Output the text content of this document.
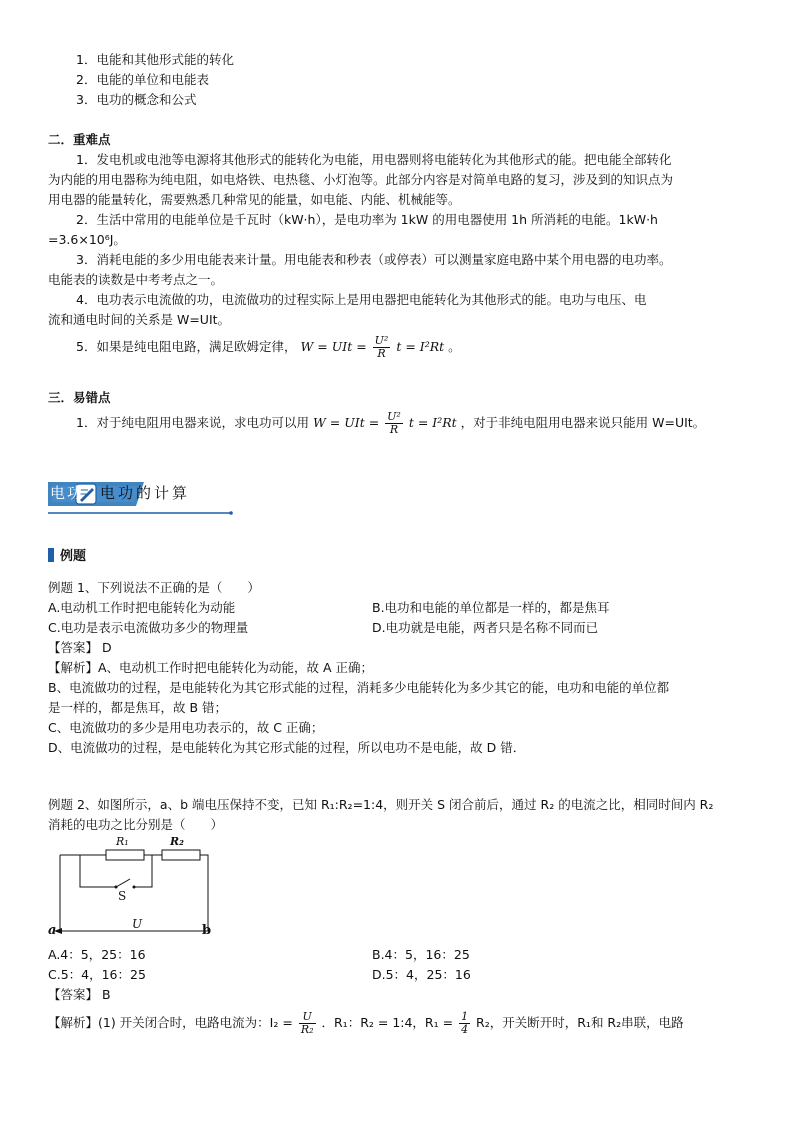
1．电能和其他形式能的转化
2．电能的单位和电能表
3．电功的概念和公式
二．重难点
1．发电机或电池等电源将其他形式的能转化为电能，用电器则将电能转化为其他形式的能。把电能全部转化
为内能的用电器称为纯电阻，如电烙铁、电热毯、小灯泡等。此部分内容是对简单电路的复习，涉及到的知识点为
用电器的能量转化，需要熟悉几种常见的能量，如电能、内能、机械能等。
2．生活中常用的电能单位是千瓦时（kW·h），是电功率为 1kW 的用电器使用 1h 所消耗的电能。1kW·h
=3.6×10⁶J。
3．消耗电能的多少用电能表来计量。用电能表和秒表（或停表）可以测量家庭电路中某个用电器的电功率。
电能表的读数是中考考点之一。
4．电功表示电流做的功，电流做功的过程实际上是用电器把电能转化为其他形式的能。电功与电压、电
流和通电时间的关系是 W=UIt。
5．如果是纯电阻电路，满足欧姆定律， W = UIt = $\frac{\text{U²}}{R}$ t = I²Rt 。
三．易错点
1．对于纯电阻用电器来说，求电功可以用 W = UIt = $\frac{\text{U²}}{R}$ t = I²Rt ，对于非纯电阻用电器来说只能用 W=UIt。
电功 电功的计算
例题
例题 1、下列说法不正确的是（　　）
A.电动机工作时把电能转化为动能	B.电功和电能的单位都是一样的，都是焦耳
C.电功是表示电流做功多少的物理量	D.电功就是电能，两者只是名称不同而已
【答案】 D
【解析】A、电动机工作时把电能转化为动能，故 A 正确；
B、电流做功的过程，是电能转化为其它形式能的过程，消耗多少电能转化为多少其它的能，电功和电能的单位都
是一样的，都是焦耳，故 B 错；
C、电流做功的多少是用电功表示的，故 C 正确；
D、电流做功的过程，是电能转化为其它形式能的过程，所以电功不是电能，故 D 错．
例题 2、如图所示，a、b 端电压保持不变，已知 R₁:R₂=1:4，则开关 S 闭合前后，通过 R₂ 的电流之比，相同时间内 R₂
消耗的电功之比分别是（　　）
R₁	R₂
S
U
a	b
A.4：5，25：16	B.4：5，16：25
C.5：4，16：25	D.5：4，25：16
【答案】 B
【解析】(1) 开关闭合时，电路电流为：$I_2 = \frac{U}{\text{R₂}}$ ．R₁：R₂ = 1:4，$R_1 = \frac{1}{4} R_2$，开关断开时，R₁和 R₂串联，电路
